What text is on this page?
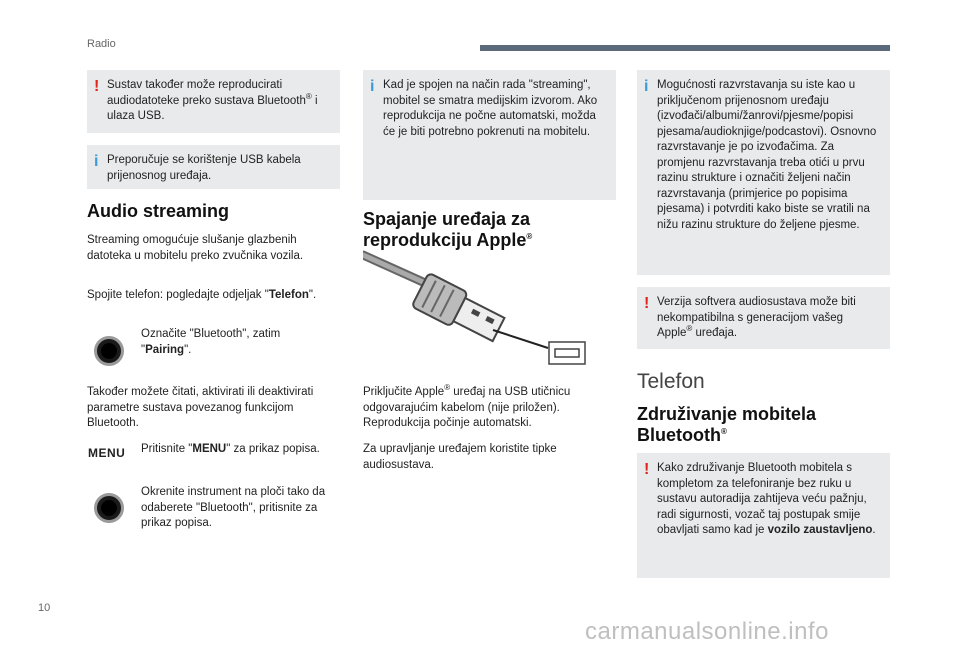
Radio
! Sustav također može reproducirati audiodatoteke preko sustava Bluetooth® i ulaza USB.
i Preporučuje se korištenje USB kabela prijenosnog uređaja.
Audio streaming
Streaming omogućuje slušanje glazbenih datoteka u mobitelu preko zvučnika vozila.
Spojite telefon: pogledajte odjeljak "Telefon".
Označite "Bluetooth", zatim "Pairing".
Također možete čitati, aktivirati ili deaktivirati parametre sustava povezanog funkcijom Bluetooth.
MENU Pritisnite "MENU" za prikaz popisa.
Okrenite instrument na ploči tako da odaberete "Bluetooth", pritisnite za prikaz popisa.
i Kad je spojen na način rada "streaming", mobitel se smatra medijskim izvorom. Ako reprodukcija ne počne automatski, možda će je biti potrebno pokrenuti na mobitelu.
Spajanje uređaja za
reprodukciju Apple®
Priključite Apple® uređaj na USB utičnicu odgovarajućim kabelom (nije priložen). Reprodukcija počinje automatski.
Za upravljanje uređajem koristite tipke audiosustava.
i Mogućnosti razvrstavanja su iste kao u priključenom prijenosnom uređaju (izvođači/albumi/žanrovi/pjesme/popisi pjesama/audioknjige/podcastovi). Osnovno razvrstavanje je po izvođačima. Za promjenu razvrstavanja treba otići u prvu razinu strukture i označiti željeni način razvrstavanja (primjerice po popisima pjesama) i potvrditi kako biste se vratili na nižu razinu strukture do željene pjesme.
! Verzija softvera audiosustava može biti nekompatibilna s generacijom vašeg Apple® uređaja.
Telefon
Združivanje mobitela
Bluetooth®
! Kako združivanje Bluetooth mobitela s kompletom za telefoniranje bez ruku u sustavu autoradija zahtijeva veću pažnju, radi sigurnosti, vozač taj postupak smije obavljati samo kad je vozilo zaustavljeno.
10
carmanualsonline.info
